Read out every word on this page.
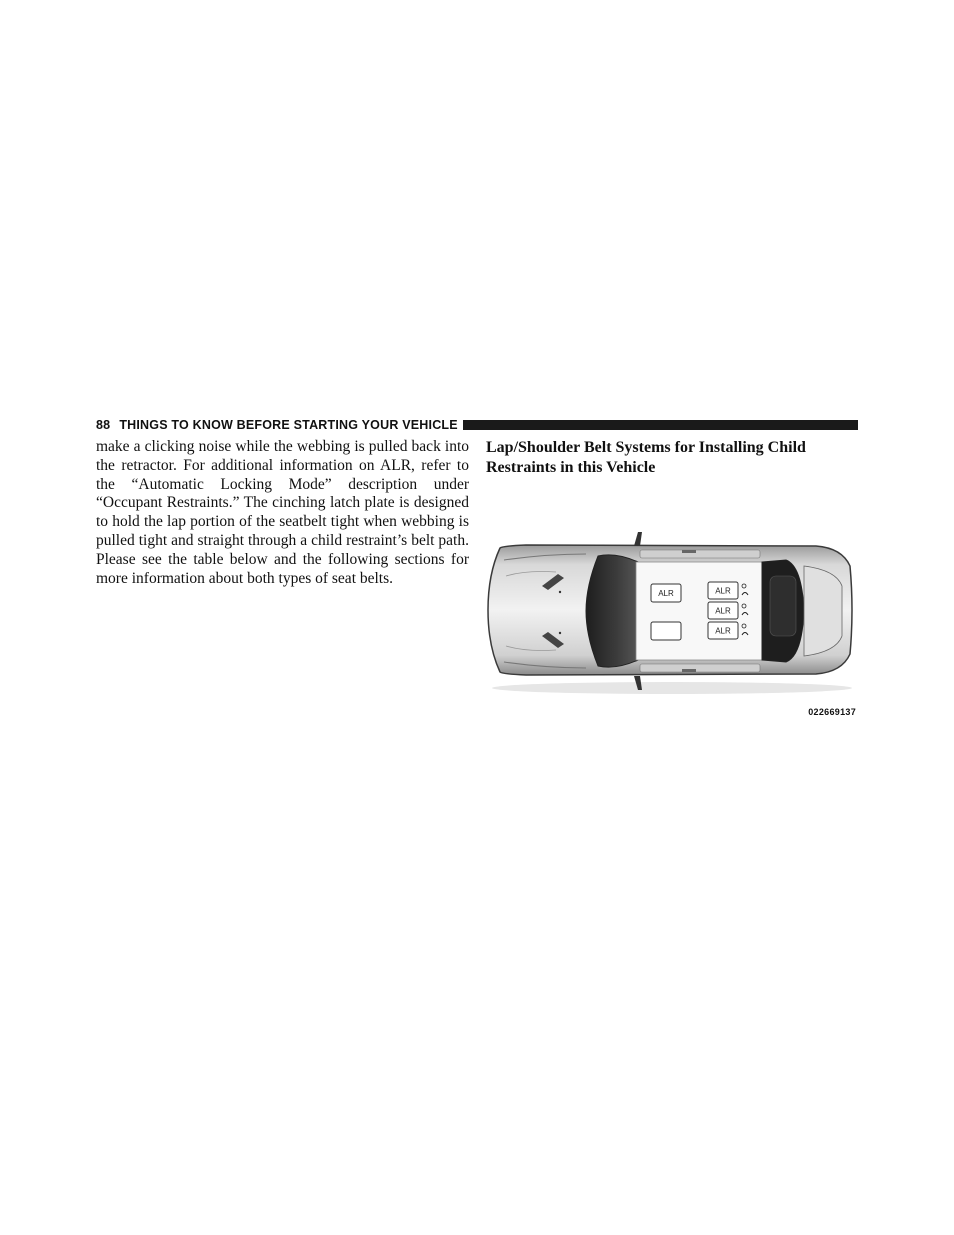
88 THINGS TO KNOW BEFORE STARTING YOUR VEHICLE
make a clicking noise while the webbing is pulled back into the retractor. For additional information on ALR, refer to the “Automatic Locking Mode” description under “Occupant Restraints.” The cinching latch plate is designed to hold the lap portion of the seatbelt tight when webbing is pulled tight and straight through a child restraint’s belt path. Please see the table below and the following sections for more information about both types of seat belts.
Lap/Shoulder Belt Systems for Installing Child Restraints in this Vehicle
ALR	ALR
ALR
ALR
022669137
